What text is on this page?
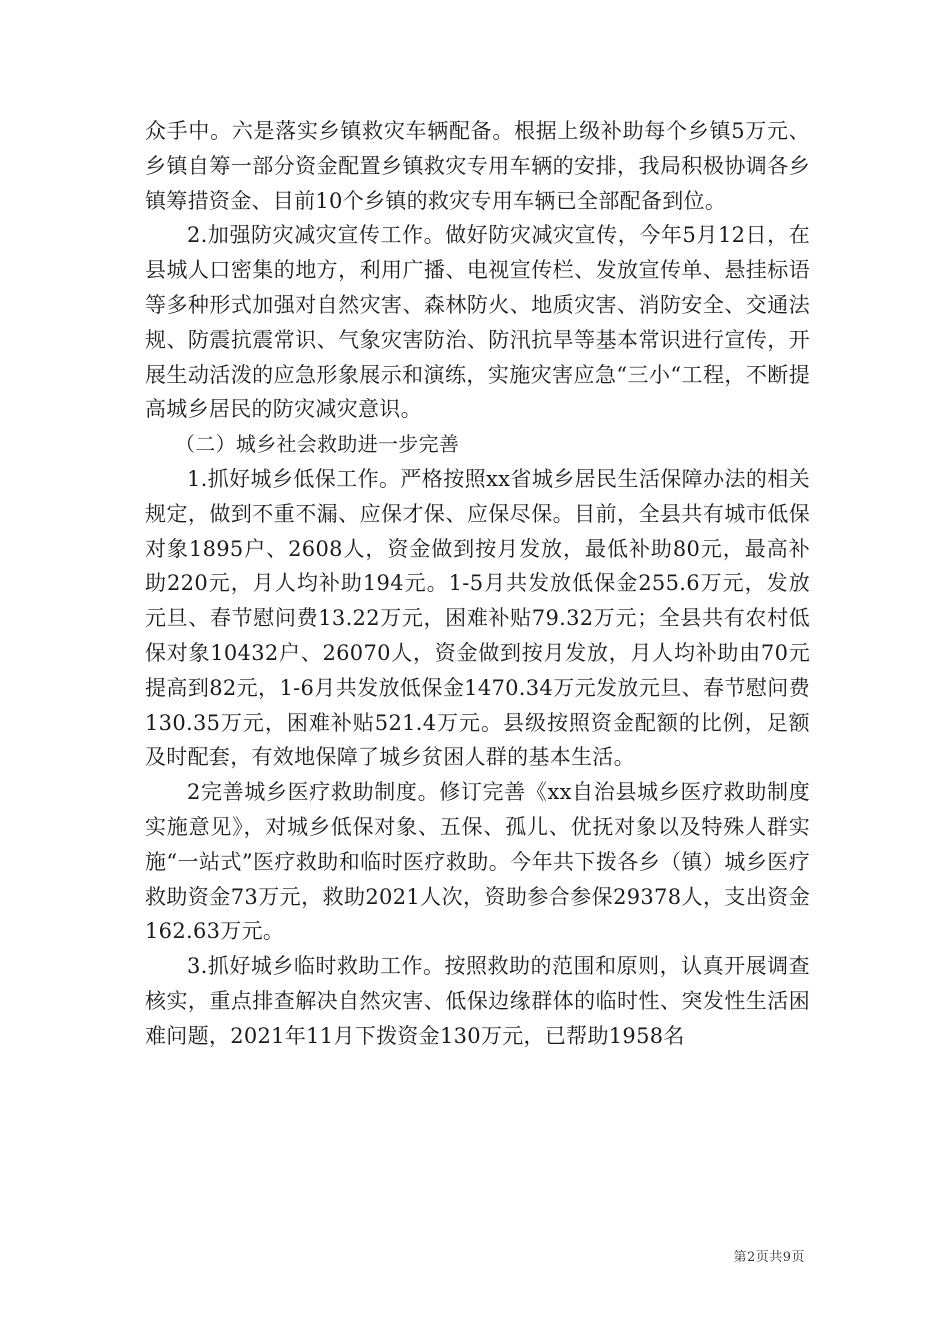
众手中。六是落实乡镇救灾车辆配备。根据上级补助每个乡镇5万元、乡镇自筹一部分资金配置乡镇救灾专用车辆的安排，我局积极协调各乡镇筹措资金、目前10个乡镇的救灾专用车辆已全部配备到位。

2.加强防灾减灾宣传工作。做好防灾减灾宣传，今年5月12日，在县城人口密集的地方，利用广播、电视宣传栏、发放宣传单、悬挂标语等多种形式加强对自然灾害、森林防火、地质灾害、消防安全、交通法规、防震抗震常识、气象灾害防治、防汛抗旱等基本常识进行宣传，开展生动活泼的应急形象展示和演练，实施灾害应急“三小“工程，不断提高城乡居民的防灾减灾意识。

（二）城乡社会救助进一步完善

1.抓好城乡低保工作。严格按照xx省城乡居民生活保障办法的相关规定，做到不重不漏、应保才保、应保尽保。目前，全县共有城市低保对象1895户、2608人，资金做到按月发放，最低补助80元，最高补助220元，月人均补助194元。1-5月共发放低保金255.6万元，发放元旦、春节慰问费13.22万元，困难补贴79.32万元；全县共有农村低保对象10432户、26070人，资金做到按月发放，月人均补助由70元提高到82元，1-6月共发放低保金1470.34万元发放元旦、春节慰问费130.35万元，困难补贴521.4万元。县级按照资金配额的比例，足额及时配套，有效地保障了城乡贫困人群的基本生活。

2完善城乡医疗救助制度。修订完善《xx自治县城乡医疗救助制度实施意见》，对城乡低保对象、五保、孤儿、优抚对象以及特殊人群实施“一站式”医疗救助和临时医疗救助。今年共下拨各乡（镇）城乡医疗救助资金73万元，救助2021人次，资助参合参保29378人，支出资金162.63万元。

3.抓好城乡临时救助工作。按照救助的范围和原则，认真开展调查核实，重点排查解决自然灾害、低保边缘群体的临时性、突发性生活困难问题，2021年11月下拨资金130万元，已帮助1958名

第2页共9页
